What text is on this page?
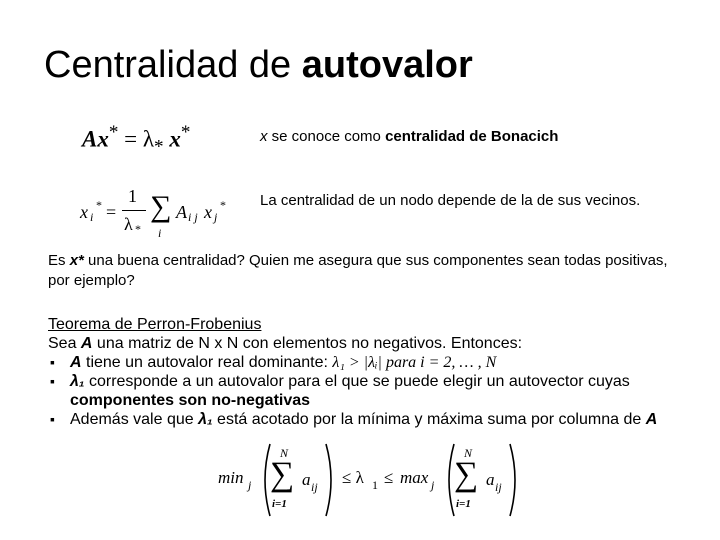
Centralidad de autovalor
$Ax^* = \lambda_*$ x*
x i
* =
1
λ *
∑
i
A i j x j
*
x se conoce como centralidad de Bonacich
La centralidad de un nodo depende de la de sus vecinos.
Es x* una buena centralidad? Quien me asegura que sus componentes sean todas positivas, por ejemplo?
Teorema de Perron-Frobenius
Sea A una matriz de N x N con elementos no negativos. Entonces:
▪ A tiene un autovalor real dominante: λ₁ > |λᵢ| para i = 2, … , N
▪ λ₁ corresponde a un autovalor para el que se puede elegir un autovector cuyas
componentes son no-negativas
▪ Además vale que λ₁ está acotado por la mínima y máxima suma por columna de A
min j
N
∑
i=1
a ij ≤ λ 1 ≤ max j
N
∑
i=1
a ij
